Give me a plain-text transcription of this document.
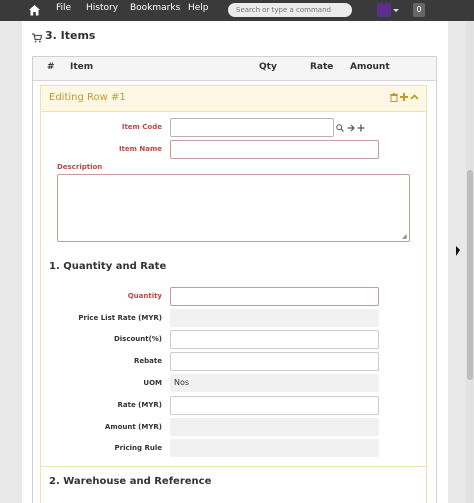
File History Bookmarks Help
Search or type a command	0
3. Items
# Item	Qty	Rate Amount
Editing Row #1
Item Code
Item Name
Description
◢
1. Quantity and Rate
Quantity
Price List Rate (MYR)
Discount(%)
Rebate
UOM Nos
Rate (MYR)
Amount (MYR)
Pricing Rule
2. Warehouse and Reference
